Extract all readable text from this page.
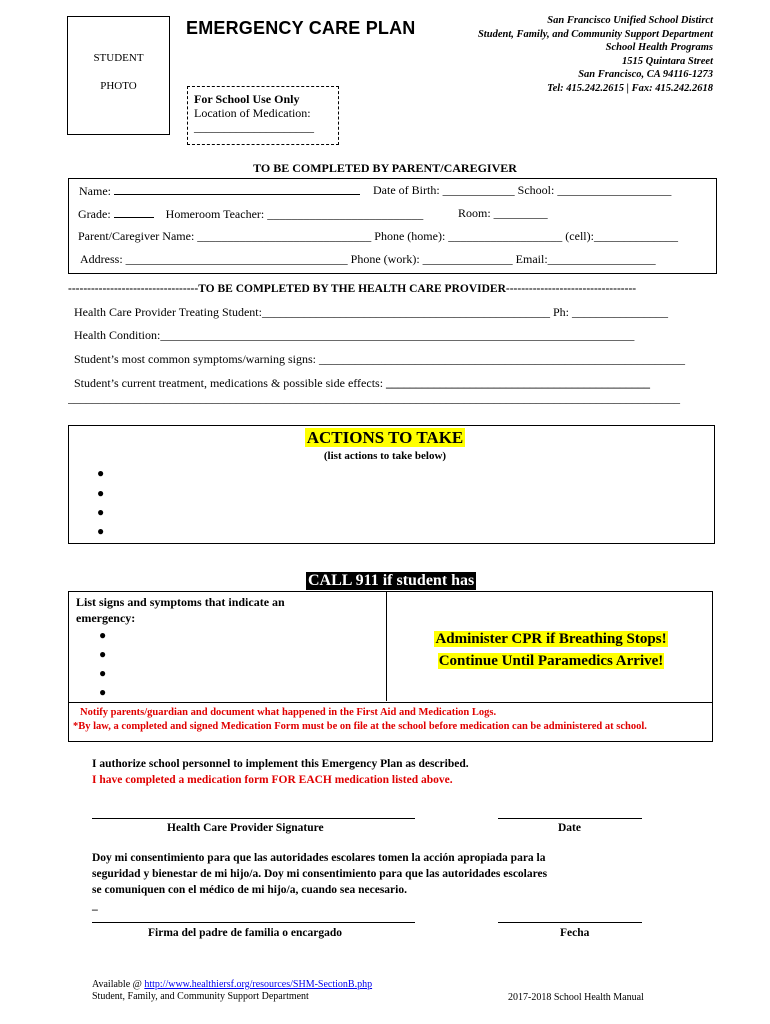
STUDENT

PHOTO
EMERGENCY CARE PLAN	San Francisco Unified School Distirct
Student, Family, and Community Support Department
School Health Programs
1515 Quintara Street
San Francisco, CA 94116-1273
Tel: 415.242.2615 | Fax: 415.242.2618
For School Use Only
Location of Medication:
____________________
TO BE COMPLETED BY PARENT/CAREGIVER
Name:	Date of Birth: ____________ School: ___________________
Grade:	Homeroom Teacher: __________________________	Room: _________
Parent/Caregiver Name: _____________________________ Phone (home): ___________________ (cell):______________
Address: _____________________________________ Phone (work): _______________ Email:__________________
----------------------------------TO BE COMPLETED BY THE HEALTH CARE PROVIDER----------------------------------
Health Care Provider Treating Student:________________________________________________ Ph: ________________
Health Condition:_______________________________________________________________________________
Student’s most common symptoms/warning signs: _____________________________________________________________
Student’s current treatment, medications & possible side effects: ____________________________________________
______________________________________________________________________________________________________
ACTIONS TO TAKE
(list actions to take below)
●
●
●
●
CALL 911 if student has
List signs and symptoms that indicate an
emergency:
●
●
●
●
Administer CPR if Breathing Stops!
Continue Until Paramedics Arrive!
Notify parents/guardian and document what happened in the First Aid and Medication Logs.
*By law, a completed and signed Medication Form must be on file at the school before medication can be administered at school.
I authorize school personnel to implement this Emergency Plan as described.
I have completed a medication form FOR EACH medication listed above.
Health Care Provider Signature	Date
Doy mi consentimiento para que las autoridades escolares tomen la acción apropiada para la
seguridad y bienestar de mi hijo/a. Doy mi consentimiento para que las autoridades escolares
se comuniquen con el médico de mi hijo/a, cuando sea necesario.
_
Firma del padre de familia o encargado	Fecha
Available @ http://www.healthiersf.org/resources/SHM-SectionB.php
Student, Family, and Community Support Department	2017-2018 School Health Manual
